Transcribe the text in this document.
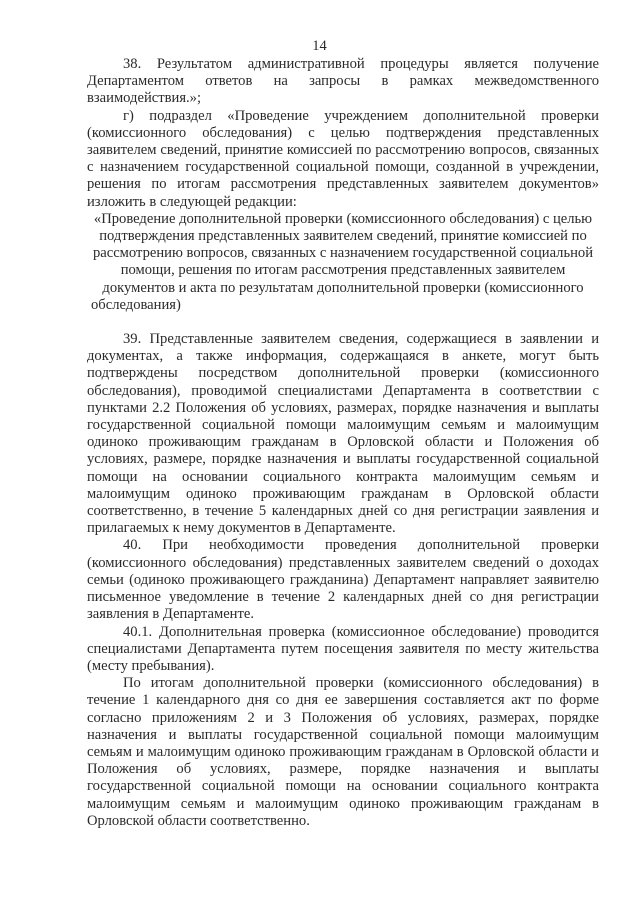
14

38. Результатом административной процедуры является получение Департаментом ответов на запросы в рамках межведомственного взаимодействия.»;

г) подраздел «Проведение учреждением дополнительной проверки (комиссионного обследования) с целью подтверждения представленных заявителем сведений, принятие комиссией по рассмотрению вопросов, связанных с назначением государственной социальной помощи, созданной в учреждении, решения по итогам рассмотрения представленных заявителем документов» изложить в следующей редакции:

«Проведение дополнительной проверки (комиссионного обследования) с целью подтверждения представленных заявителем сведений, принятие комиссией по рассмотрению вопросов, связанных с назначением государственной социальной помощи, решения по итогам рассмотрения представленных заявителем документов и акта по результатам дополнительной проверки (комиссионного обследования)

39. Представленные заявителем сведения, содержащиеся в заявлении и документах, а также информация, содержащаяся в анкете, могут быть подтверждены посредством дополнительной проверки (комиссионного обследования), проводимой специалистами Департамента в соответствии с пунктами 2.2 Положения об условиях, размерах, порядке назначения и выплаты государственной социальной помощи малоимущим семьям и малоимущим одиноко проживающим гражданам в Орловской области и Положения об условиях, размере, порядке назначения и выплаты государственной социальной помощи на основании социального контракта малоимущим семьям и малоимущим одиноко проживающим гражданам в Орловской области соответственно, в течение 5 календарных дней со дня регистрации заявления и прилагаемых к нему документов в Департаменте.

40. При необходимости проведения дополнительной проверки (комиссионного обследования) представленных заявителем сведений о доходах семьи (одиноко проживающего гражданина) Департамент направляет заявителю письменное уведомление в течение 2 календарных дней со дня регистрации заявления в Департаменте.

40.1. Дополнительная проверка (комиссионное обследование) проводится специалистами Департамента путем посещения заявителя по месту жительства (месту пребывания).

По итогам дополнительной проверки (комиссионного обследования) в течение 1 календарного дня со дня ее завершения составляется акт по форме согласно приложениям 2 и 3 Положения об условиях, размерах, порядке назначения и выплаты государственной социальной помощи малоимущим семьям и малоимущим одиноко проживающим гражданам в Орловской области и Положения об условиях, размере, порядке назначения и выплаты государственной социальной помощи на основании социального контракта малоимущим семьям и малоимущим одиноко проживающим гражданам в Орловской области соответственно.
